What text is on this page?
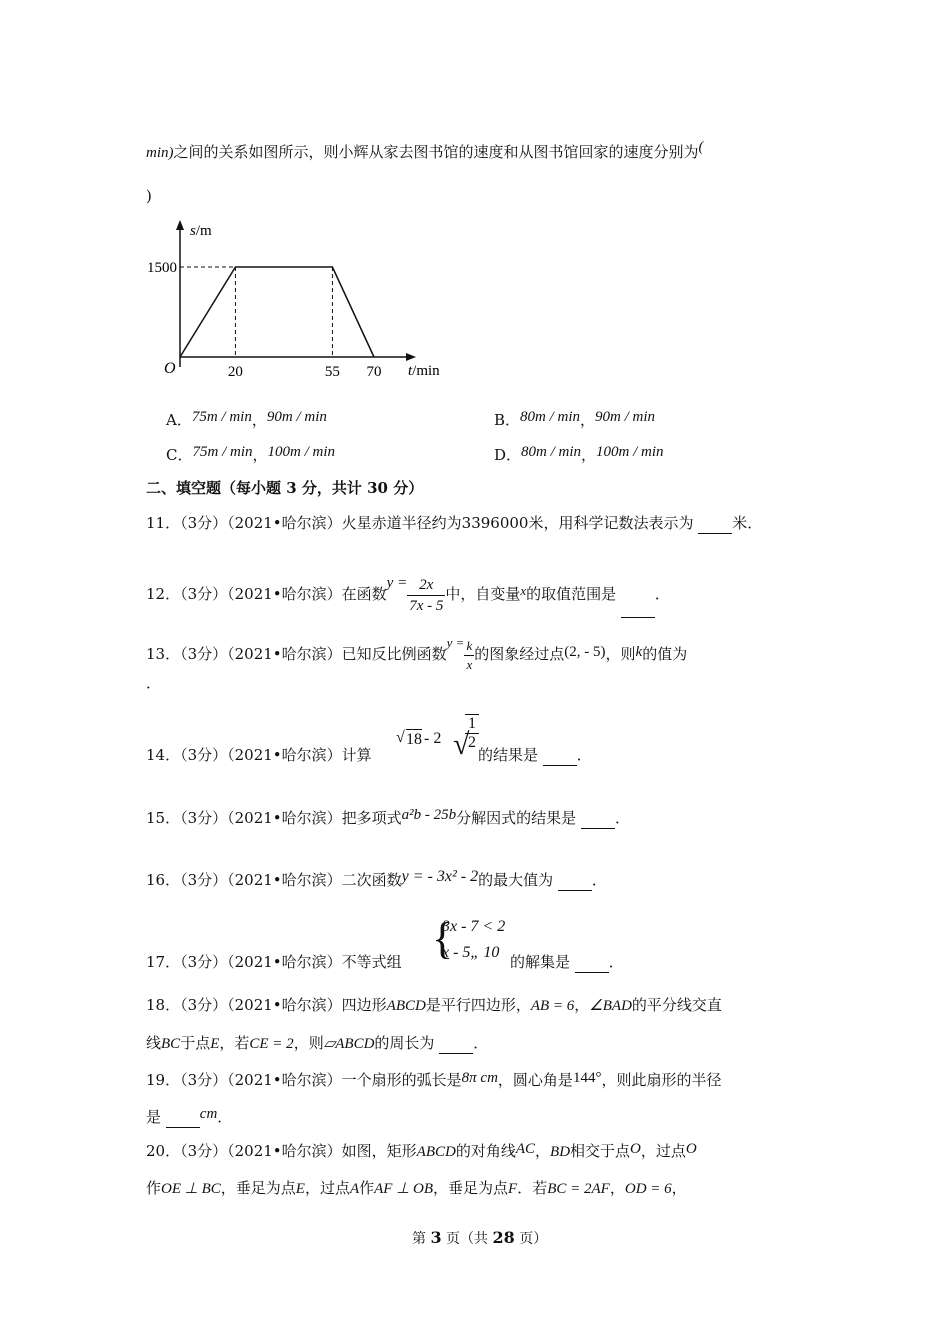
min)之间的关系如图所示，则小辉从家去图书馆的速度和从图书馆回家的速度分别为(
)
20	55 70
1500
s/m
t/min
O
A．75m / min，90m / min	B．80m / min，90m / min
C．75m / min，100m / min	D．80m / min，100m / min
二、填空题（每小题 3 分，共计 30 分）
11．（3分）（2021•哈尔滨）火星赤道半径约为3396000米，用科学记数法表示为  米．
12．（3分）（2021•哈尔滨）在函数$y = \frac{2x}{7x - 5}$ 中，自变量x的取值范围是  ．
13．（3分）（2021•哈尔滨）已知反比例函数$y = \frac{k}{x}$ 的图象经过点(2, - 5)，则k的值为
．
14．（3分）（2021•哈尔滨）计算
√ 18 - 2 √
$\frac{1}{2}$
的结果是  ．
15．（3分）（2021•哈尔滨）把多项式a²b - 25b分解因式的结果是  ．
16．（3分）（2021•哈尔滨）二次函数y = - 3x² - 2的最大值为  ．
17．（3分）（2021•哈尔滨）不等式组 {
3x - 7 < 2
x - 5„ 10
的解集是  ．
18．（3分）（2021•哈尔滨）四边形ABCD是平行四边形，AB = 6，∠BAD的平分线交直
线BC于点E，若CE = 2，则▱ABCD的周长为  ．
19．（3分）（2021•哈尔滨）一个扇形的弧长是8π cm，圆心角是144°，则此扇形的半径
是  cm．
20．（3分）（2021•哈尔滨）如图，矩形ABCD的对角线AC，BD相交于点O，过点O
作OE ⊥ BC，垂足为点E，过点A作AF ⊥ OB，垂足为点F．若BC = 2AF，OD = 6，
第 3 页（共 28 页）
